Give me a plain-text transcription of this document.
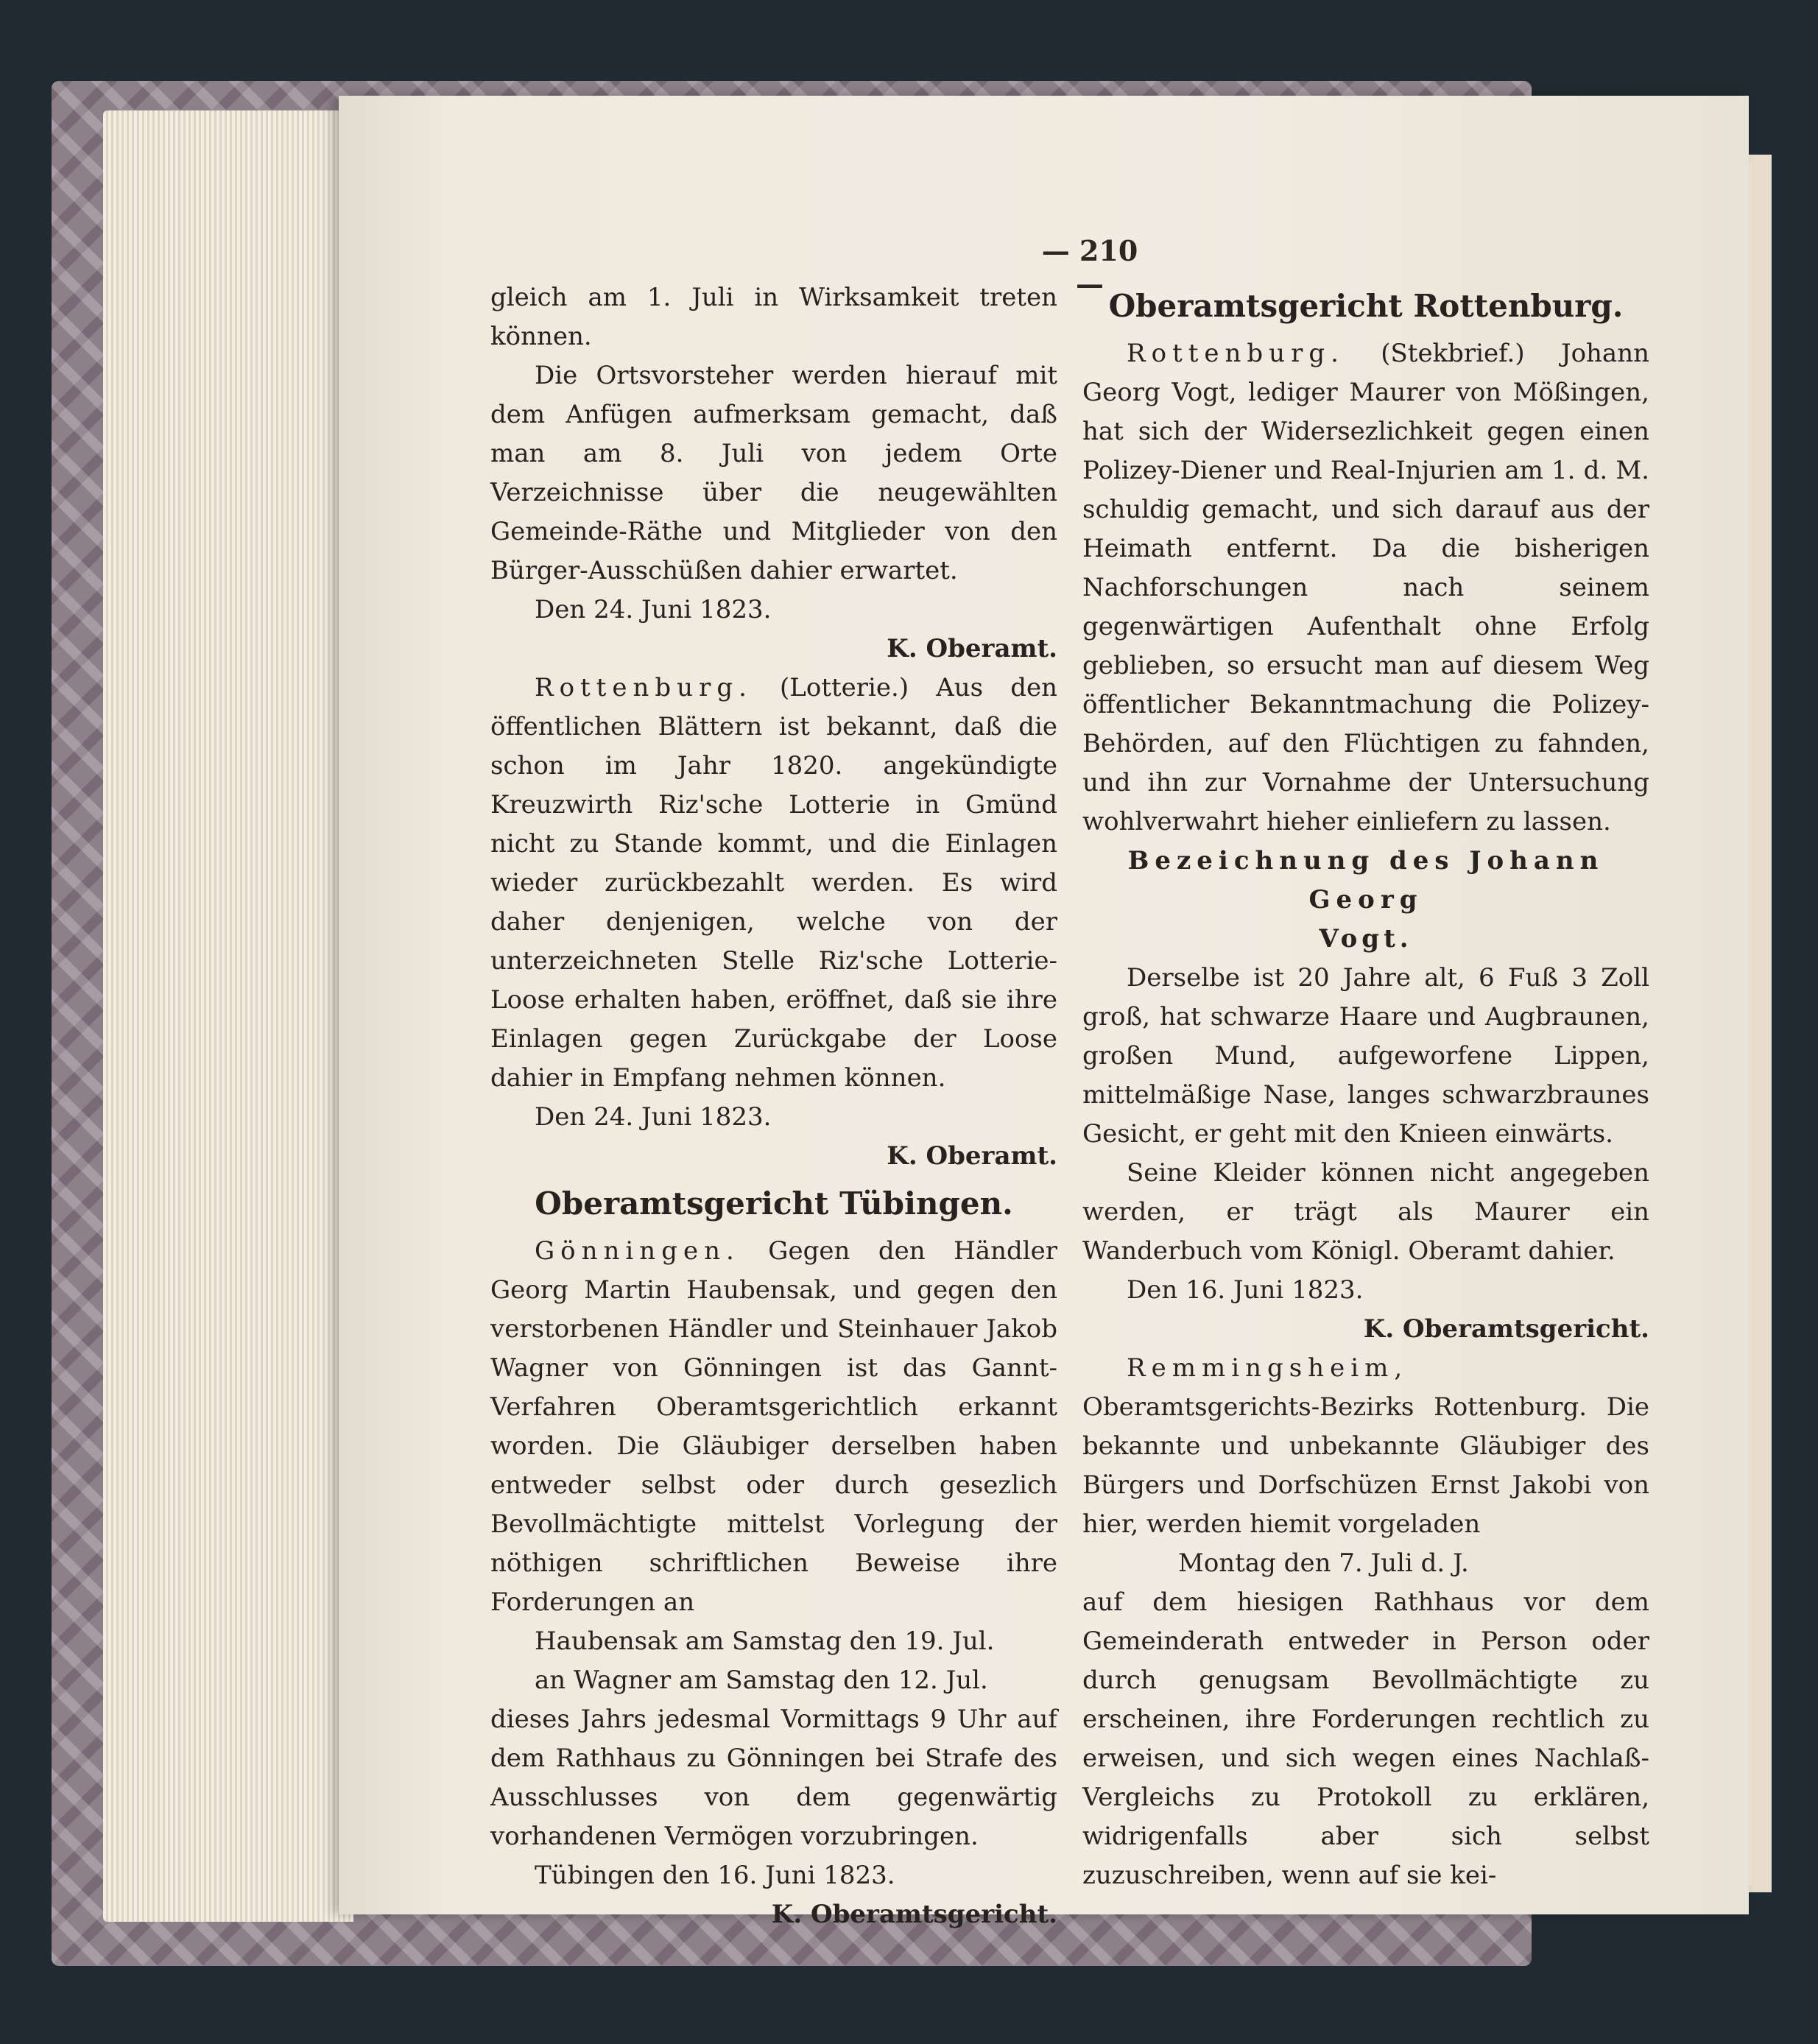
— 210 —

gleich am 1. Juli in Wirksamkeit treten können.

Die Ortsvorsteher werden hierauf mit dem Anfügen aufmerksam gemacht, daß man am 8. Juli von jedem Orte Verzeichnisse über die neugewählten Gemeinde-Räthe und Mitglieder von den Bürger-Ausschüßen dahier erwartet.

Den 24. Juni 1823.

K. Oberamt.

Rottenburg. (Lotterie.) Aus den öffentlichen Blättern ist bekannt, daß die schon im Jahr 1820. angekündigte Kreuzwirth Riz'sche Lotterie in Gmünd nicht zu Stande kommt, und die Einlagen wieder zurückbezahlt werden. Es wird daher denjenigen, welche von der unterzeichneten Stelle Riz'sche Lotterie-Loose erhalten haben, eröffnet, daß sie ihre Einlagen gegen Zurückgabe der Loose dahier in Empfang nehmen können.

Den 24. Juni 1823.

K. Oberamt.

Oberamtsgericht Tübingen.

Gönningen. Gegen den Händler Georg Martin Haubensak, und gegen den verstorbenen Händler und Steinhauer Jakob Wagner von Gönningen ist das Gannt-Verfahren Oberamtsgerichtlich erkannt worden. Die Gläubiger derselben haben entweder selbst oder durch gesezlich Bevollmächtigte mittelst Vorlegung der nöthigen schriftlichen Beweise ihre Forderungen an

Haubensak am Samstag den 19. Jul.

an Wagner am Samstag den 12. Jul.

dieses Jahrs jedesmal Vormittags 9 Uhr auf dem Rathhaus zu Gönningen bei Strafe des Ausschlusses von dem gegenwärtig vorhandenen Vermögen vorzubringen.

Tübingen den 16. Juni 1823.

K. Oberamtsgericht.

Oberamtsgericht Rottenburg.

Rottenburg. (Stekbrief.) Johann Georg Vogt, lediger Maurer von Mößingen, hat sich der Widersezlichkeit gegen einen Polizey-Diener und Real-Injurien am 1. d. M. schuldig gemacht, und sich darauf aus der Heimath entfernt. Da die bisherigen Nachforschungen nach seinem gegenwärtigen Aufenthalt ohne Erfolg geblieben, so ersucht man auf diesem Weg öffentlicher Bekanntmachung die Polizey-Behörden, auf den Flüchtigen zu fahnden, und ihn zur Vornahme der Untersuchung wohlverwahrt hieher einliefern zu lassen.

Bezeichnung des Johann Georg
Vogt.

Derselbe ist 20 Jahre alt, 6 Fuß 3 Zoll groß, hat schwarze Haare und Augbraunen, großen Mund, aufgeworfene Lippen, mittelmäßige Nase, langes schwarzbraunes Gesicht, er geht mit den Knieen einwärts.

Seine Kleider können nicht angegeben werden, er trägt als Maurer ein Wanderbuch vom Königl. Oberamt dahier.

Den 16. Juni 1823.

K. Oberamtsgericht.

Remmingsheim, Oberamtsgerichts-Bezirks Rottenburg. Die bekannte und unbekannte Gläubiger des Bürgers und Dorfschüzen Ernst Jakobi von hier, werden hiemit vorgeladen

Montag den 7. Juli d. J.

auf dem hiesigen Rathhaus vor dem Gemeinderath entweder in Person oder durch genugsam Bevollmächtigte zu erscheinen, ihre Forderungen rechtlich zu erweisen, und sich wegen eines Nachlaß-Vergleichs zu Protokoll zu erklären, widrigenfalls aber sich selbst zuzuschreiben, wenn auf sie kei-
